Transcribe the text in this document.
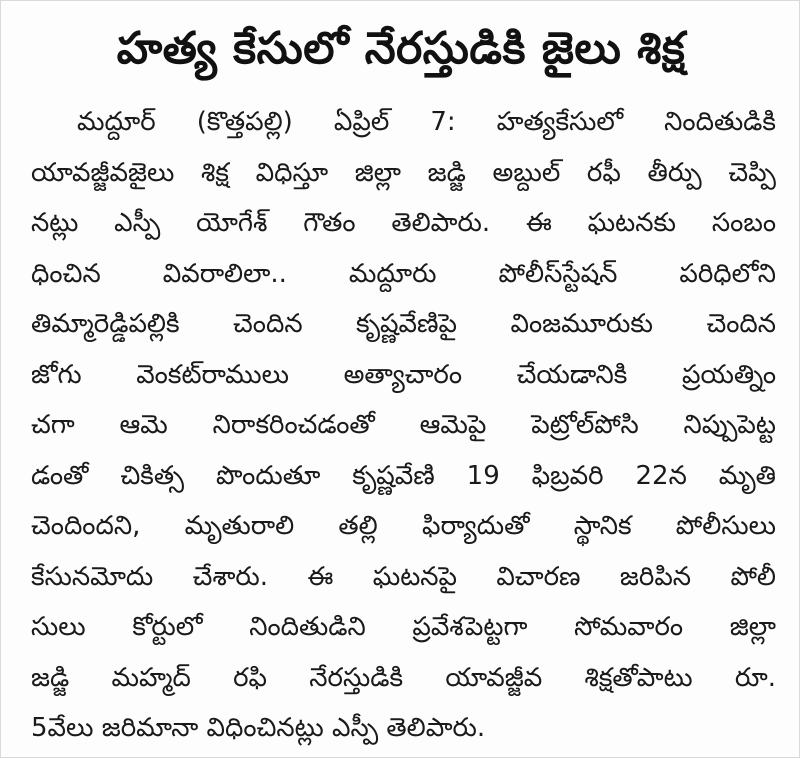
హత్య కేసులో నేరస్తుడికి జైలు శిక్ష
మద్దూర్ (కొత్తపల్లి) ఏప్రిల్ 7: హత్యకేసులో నిందితుడికి
యావజ్జీవజైలు శిక్ష విధిస్తూ జిల్లా జడ్జి అబ్దుల్ రఫీ తీర్పు చెప్పి
నట్లు ఎస్పీ యోగేశ్ గౌతం తెలిపారు. ఈ ఘటనకు సంబం
ధించిన వివరాలిలా.. మద్దూరు పోలీస్‌స్టేషన్ పరిధిలోని
తిమ్మారెడ్డిపల్లికి చెందిన కృష్ణవేణిపై వింజమూరుకు చెందిన
జోగు వెంకట్‌రాములు అత్యాచారం చేయడానికి ప్రయత్నిం
చగా ఆమె నిరాకరించడంతో ఆమెపై పెట్రోల్‌పోసి నిప్పుపెట్ట
డంతో చికిత్స పొందుతూ కృష్ణవేణి 19 ఫిబ్రవరి 22న మృతి
చెందిందని, మృతురాలి తల్లి ఫిర్యాదుతో స్థానిక పోలీసులు
కేసునమోదు చేశారు. ఈ ఘటనపై విచారణ జరిపిన పోలీ
సులు కోర్టులో నిందితుడిని ప్రవేశపెట్టగా సోమవారం జిల్లా
జడ్జి మహ్మద్ రఫి నేరస్తుడికి యావజ్జీవ శిక్షతోపాటు రూ.
5వేలు జరిమానా విధించినట్లు ఎస్పీ తెలిపారు.
